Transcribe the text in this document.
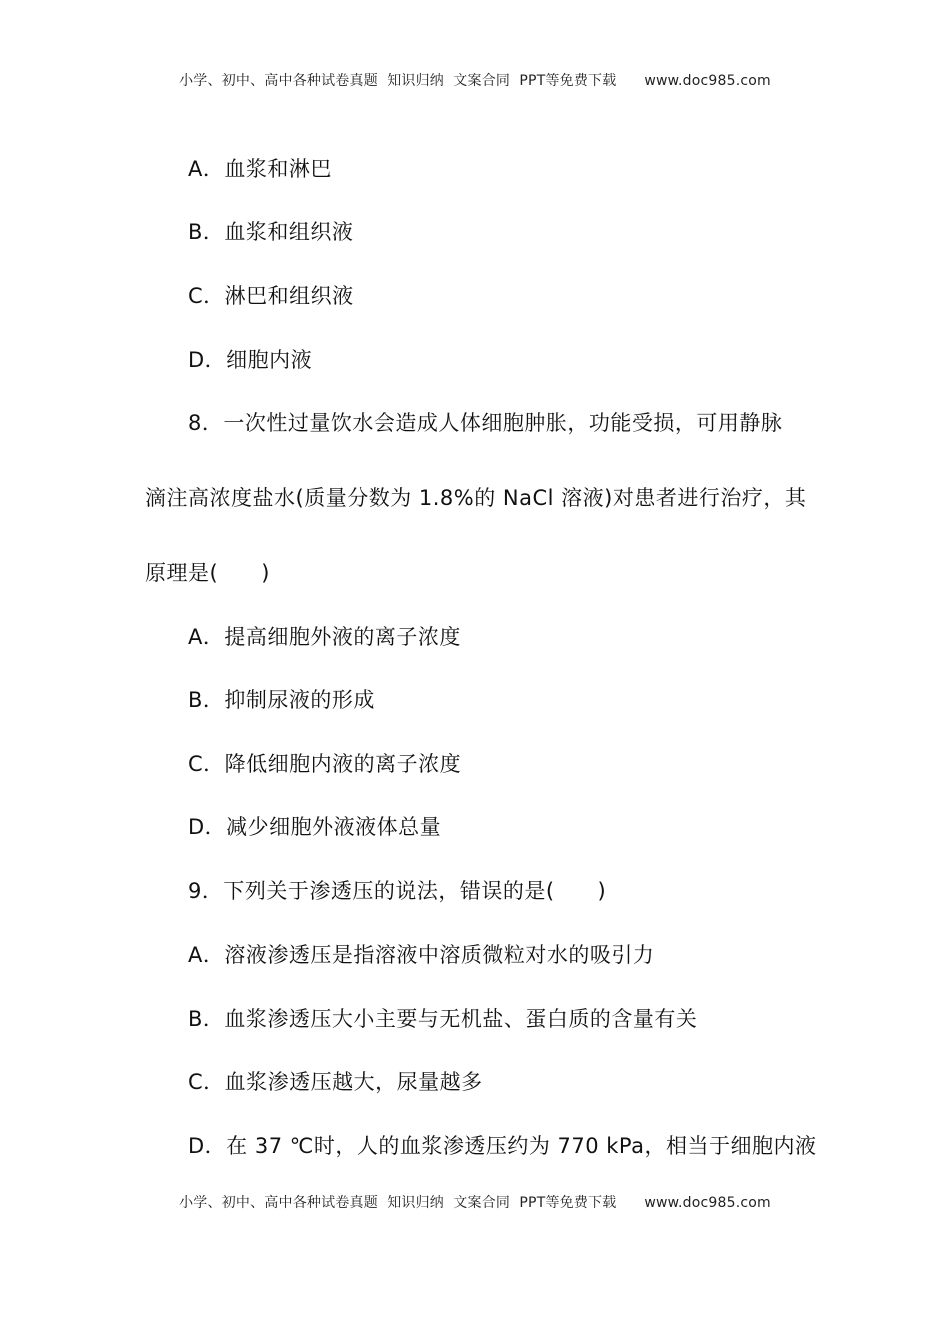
小学、初中、高中各种试卷真题  知识归纳  文案合同  PPT等免费下载      www.doc985.com
A．血浆和淋巴
B．血浆和组织液
C．淋巴和组织液
D．细胞内液
8．一次性过量饮水会造成人体细胞肿胀，功能受损，可用静脉
滴注高浓度盐水(质量分数为 1.8%的 NaCl 溶液)对患者进行治疗，其
原理是(　　)
A．提高细胞外液的离子浓度
B．抑制尿液的形成
C．降低细胞内液的离子浓度
D．减少细胞外液液体总量
9．下列关于渗透压的说法，错误的是(　　)
A．溶液渗透压是指溶液中溶质微粒对水的吸引力
B．血浆渗透压大小主要与无机盐、蛋白质的含量有关
C．血浆渗透压越大，尿量越多
D．在 37 ℃时，人的血浆渗透压约为 770 kPa，相当于细胞内液
小学、初中、高中各种试卷真题  知识归纳  文案合同  PPT等免费下载      www.doc985.com
